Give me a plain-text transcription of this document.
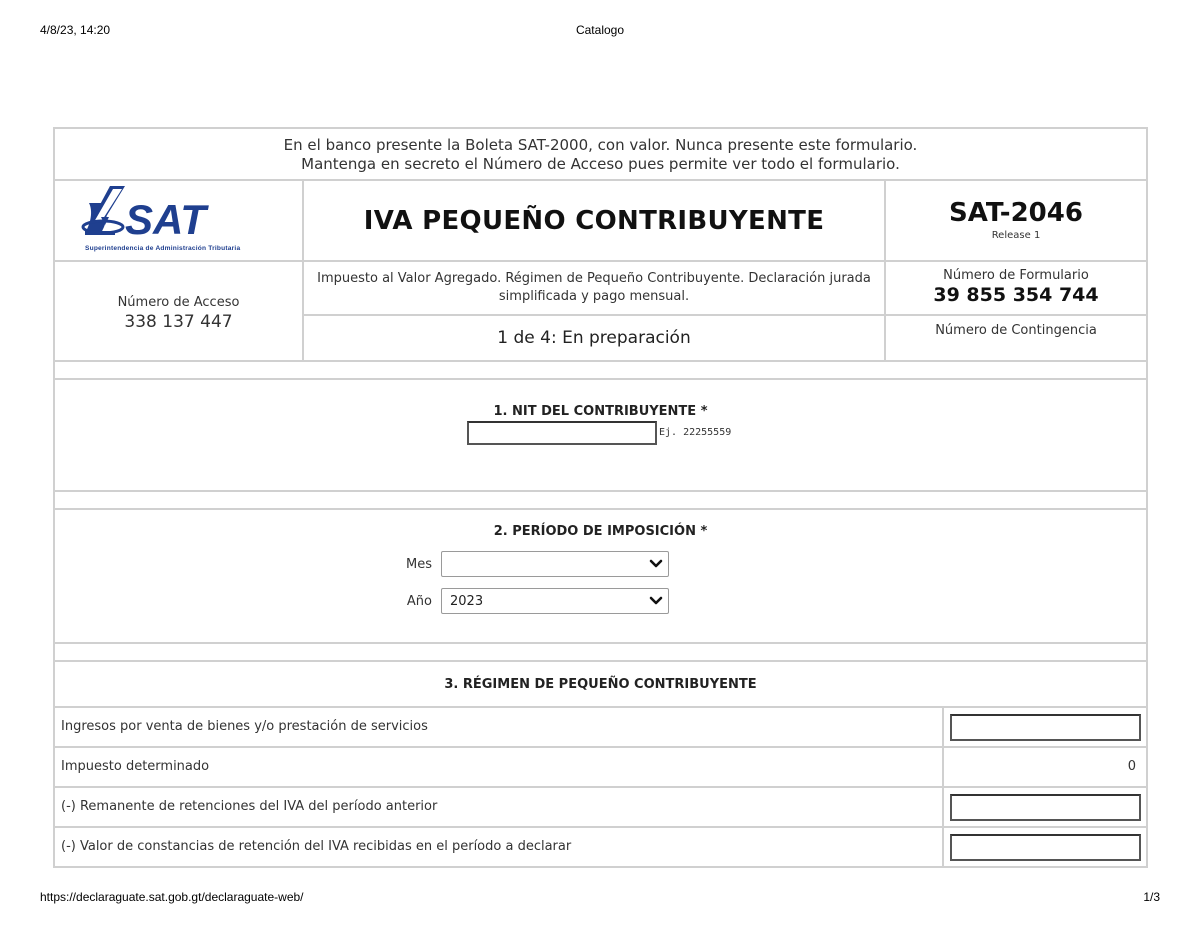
4/8/23, 14:20	Catalogo
En el banco presente la Boleta SAT-2000, con valor. Nunca presente este formulario.
Mantenga en secreto el Número de Acceso pues permite ver todo el formulario.
SAT
Superintendencia de Administración Tributaria
IVA PEQUEÑO CONTRIBUYENTE	SAT-2046
Release 1
Número de Acceso
338 137 447
Impuesto al Valor Agregado. Régimen de Pequeño Contribuyente. Declaración jurada simplificada y pago mensual.
1 de 4: En preparación
Número de Formulario
39 855 354 744
Número de Contingencia
1. NIT DEL CONTRIBUYENTE *
Ej. 22255559
2. PERÍODO DE IMPOSICIÓN *
Mes
Año	2023
3. RÉGIMEN DE PEQUEÑO CONTRIBUYENTE
Ingresos por venta de bienes y/o prestación de servicios
Impuesto determinado	0
(-) Remanente de retenciones del IVA del período anterior
(-) Valor de constancias de retención del IVA recibidas en el período a declarar
https://declaraguate.sat.gob.gt/declaraguate-web/	1/3
